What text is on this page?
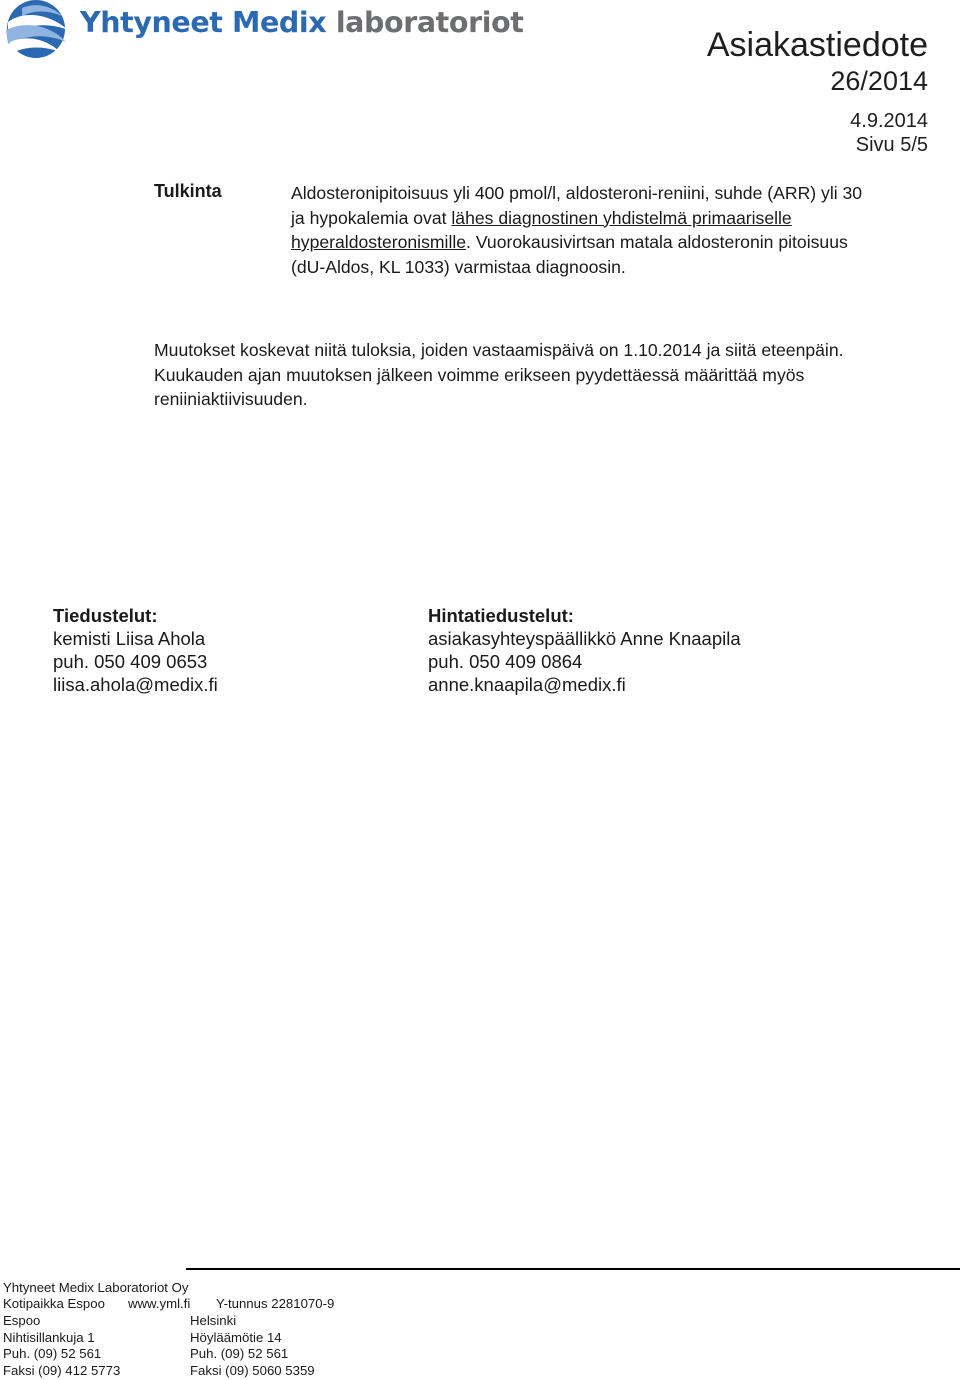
Yhtyneet Medix laboratoriot
Asiakastiedote
26/2014
4.9.2014
Sivu 5/5
Tulkinta	Aldosteronipitoisuus yli 400 pmol/l, aldosteroni-reniini, suhde (ARR) yli 30

ja hypokalemia ovat lähes diagnostinen yhdistelmä primaariselle

hyperaldosteronismille. Vuorokausivirtsan matala aldosteronin pitoisuus

(dU-Aldos, KL 1033) varmistaa diagnoosin.

Muutokset koskevat niitä tuloksia, joiden vastaamispäivä on 1.10.2014 ja siitä eteenpäin.

Kuukauden ajan muutoksen jälkeen voimme erikseen pyydettäessä määrittää myös

reniiniaktiivisuuden.

Tiedustelut:
kemisti Liisa Ahola
puh. 050 409 0653
liisa.ahola@medix.fi
Hintatiedustelut:
asiakasyhteyspäällikkö Anne Knaapila
puh. 050 409 0864
anne.knaapila@medix.fi
Yhtyneet Medix Laboratoriot Oy
Kotipaikka Espoo www.yml.fi Y-tunnus 2281070-9
Espoo
Nihtisillankuja 1
Puh. (09) 52 561
Faksi (09) 412 5773
Helsinki
Höyläämötie 14
Puh. (09) 52 561
Faksi (09) 5060 5359
